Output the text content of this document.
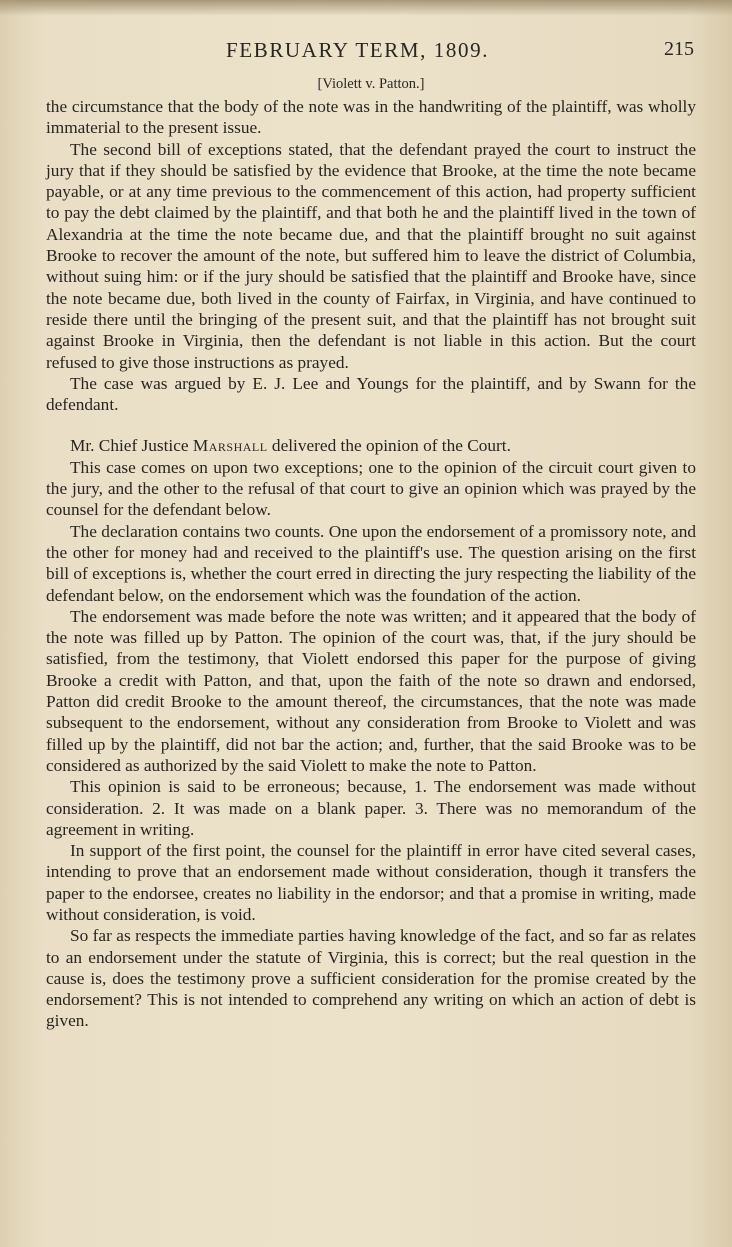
FEBRUARY TERM, 1809.	215
[Violett v. Patton.]

the circumstance that the body of the note was in the handwriting of the plaintiff, was wholly immaterial to the present issue.

The second bill of exceptions stated, that the defendant prayed the court to instruct the jury that if they should be satisfied by the evidence that Brooke, at the time the note became payable, or at any time previous to the commencement of this action, had property sufficient to pay the debt claimed by the plaintiff, and that both he and the plaintiff lived in the town of Alexandria at the time the note became due, and that the plaintiff brought no suit against Brooke to recover the amount of the note, but suffered him to leave the district of Columbia, without suing him: or if the jury should be satisfied that the plaintiff and Brooke have, since the note became due, both lived in the county of Fairfax, in Virginia, and have continued to reside there until the bringing of the present suit, and that the plaintiff has not brought suit against Brooke in Virginia, then the defendant is not liable in this action. But the court refused to give those instructions as prayed.

The case was argued by E. J. Lee and Youngs for the plaintiff, and by Swann for the defendant.

Mr. Chief Justice Marshall delivered the opinion of the Court.

This case comes on upon two exceptions; one to the opinion of the circuit court given to the jury, and the other to the refusal of that court to give an opinion which was prayed by the counsel for the defendant below.

The declaration contains two counts. One upon the endorsement of a promissory note, and the other for money had and received to the plaintiff's use. The question arising on the first bill of exceptions is, whether the court erred in directing the jury respecting the liability of the defendant below, on the endorsement which was the foundation of the action.

The endorsement was made before the note was written; and it appeared that the body of the note was filled up by Patton. The opinion of the court was, that, if the jury should be satisfied, from the testimony, that Violett endorsed this paper for the purpose of giving Brooke a credit with Patton, and that, upon the faith of the note so drawn and endorsed, Patton did credit Brooke to the amount thereof, the circumstances, that the note was made subsequent to the endorsement, without any consideration from Brooke to Violett and was filled up by the plaintiff, did not bar the action; and, further, that the said Brooke was to be considered as authorized by the said Violett to make the note to Patton.

This opinion is said to be erroneous; because, 1. The endorsement was made without consideration. 2. It was made on a blank paper. 3. There was no memorandum of the agreement in writing.

In support of the first point, the counsel for the plaintiff in error have cited several cases, intending to prove that an endorsement made without consideration, though it transfers the paper to the endorsee, creates no liability in the endorsor; and that a promise in writing, made without consideration, is void.

So far as respects the immediate parties having knowledge of the fact, and so far as relates to an endorsement under the statute of Virginia, this is correct; but the real question in the cause is, does the testimony prove a sufficient consideration for the promise created by the endorsement? This is not intended to comprehend any writing on which an action of debt is given.
